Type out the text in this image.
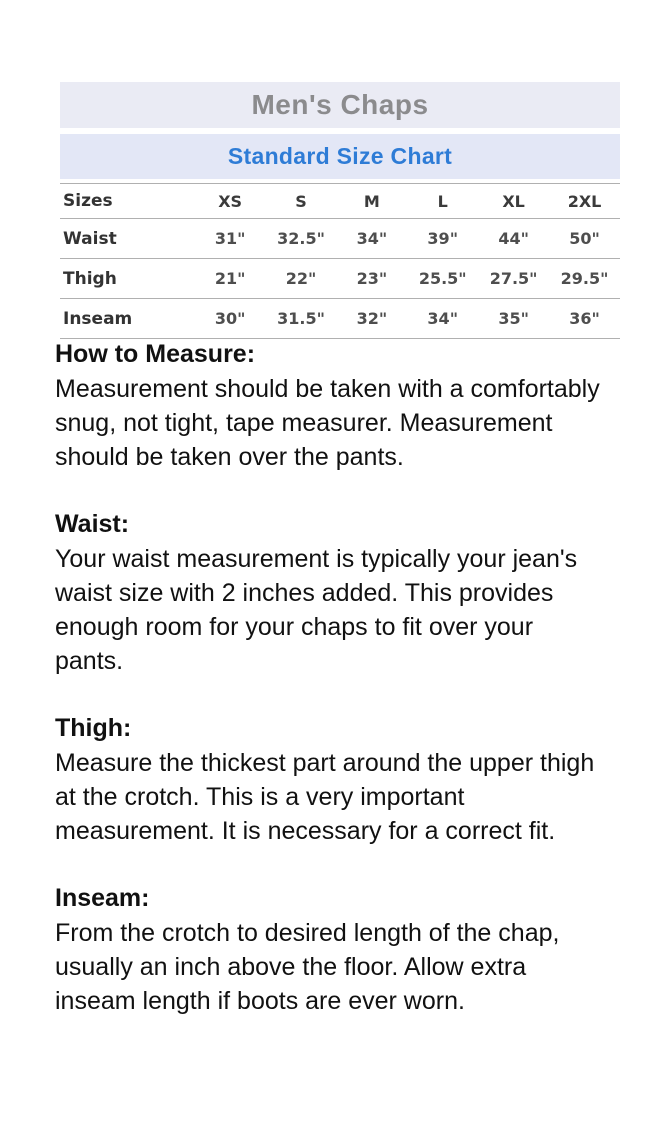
Men's Chaps
Standard Size Chart
Sizes	XS	S	M	L	XL	2XL
Waist	31"	32.5"	34"	39"	44"	50"
Thigh	21"	22"	23"	25.5"	27.5"	29.5"
Inseam	30"	31.5"	32"	34"	35"	36"
How to Measure:

Measurement should be taken with a comfortably snug, not tight, tape measurer. Measurement should be taken over the pants.

Waist:

Your waist measurement is typically your jean's waist size with 2 inches added. This provides enough room for your chaps to fit over your pants.

Thigh:

Measure the thickest part around the upper thigh at the crotch. This is a very important measurement. It is necessary for a correct fit.

Inseam:

From the crotch to desired length of the chap, usually an inch above the floor. Allow extra inseam length if boots are ever worn.
